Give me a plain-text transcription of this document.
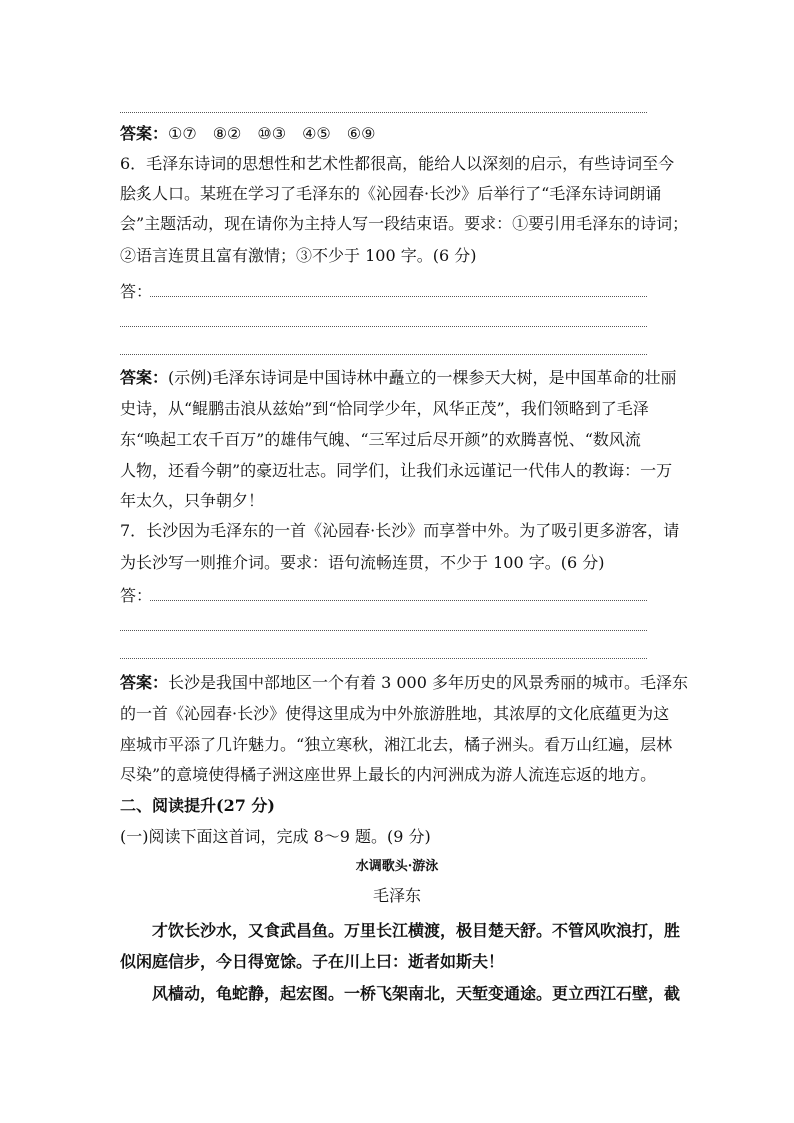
答案：①⑦　⑧②　⑩③　④⑤　⑥⑨
6．毛泽东诗词的思想性和艺术性都很高，能给人以深刻的启示，有些诗词至今
脍炙人口。某班在学习了毛泽东的《沁园春·长沙》后举行了“毛泽东诗词朗诵
会”主题活动，现在请你为主持人写一段结束语。要求：①要引用毛泽东的诗词；
②语言连贯且富有激情；③不少于 100 字。(6 分)
答：
答案：(示例)毛泽东诗词是中国诗林中矗立的一棵参天大树，是中国革命的壮丽
史诗，从“鲲鹏击浪从兹始”到“恰同学少年，风华正茂”，我们领略到了毛泽
东“唤起工农千百万”的雄伟气魄、“三军过后尽开颜”的欢腾喜悦、“数风流
人物，还看今朝”的豪迈壮志。同学们，让我们永远谨记一代伟人的教诲：一万
年太久，只争朝夕！
7．长沙因为毛泽东的一首《沁园春·长沙》而享誉中外。为了吸引更多游客，请
为长沙写一则推介词。要求：语句流畅连贯，不少于 100 字。(6 分)
答：
答案：长沙是我国中部地区一个有着 3 000 多年历史的风景秀丽的城市。毛泽东
的一首《沁园春·长沙》使得这里成为中外旅游胜地，其浓厚的文化底蕴更为这
座城市平添了几许魅力。“独立寒秋，湘江北去，橘子洲头。看万山红遍，层林
尽染”的意境使得橘子洲这座世界上最长的内河洲成为游人流连忘返的地方。
二、阅读提升(27 分)
(一)阅读下面这首词，完成 8～9 题。(9 分)
水调歌头·游泳
毛泽东
才饮长沙水，又食武昌鱼。万里长江横渡，极目楚天舒。不管风吹浪打，胜
似闲庭信步，今日得宽馀。子在川上曰：逝者如斯夫！
风樯动，龟蛇静，起宏图。一桥飞架南北，天堑变通途。更立西江石壁，截
